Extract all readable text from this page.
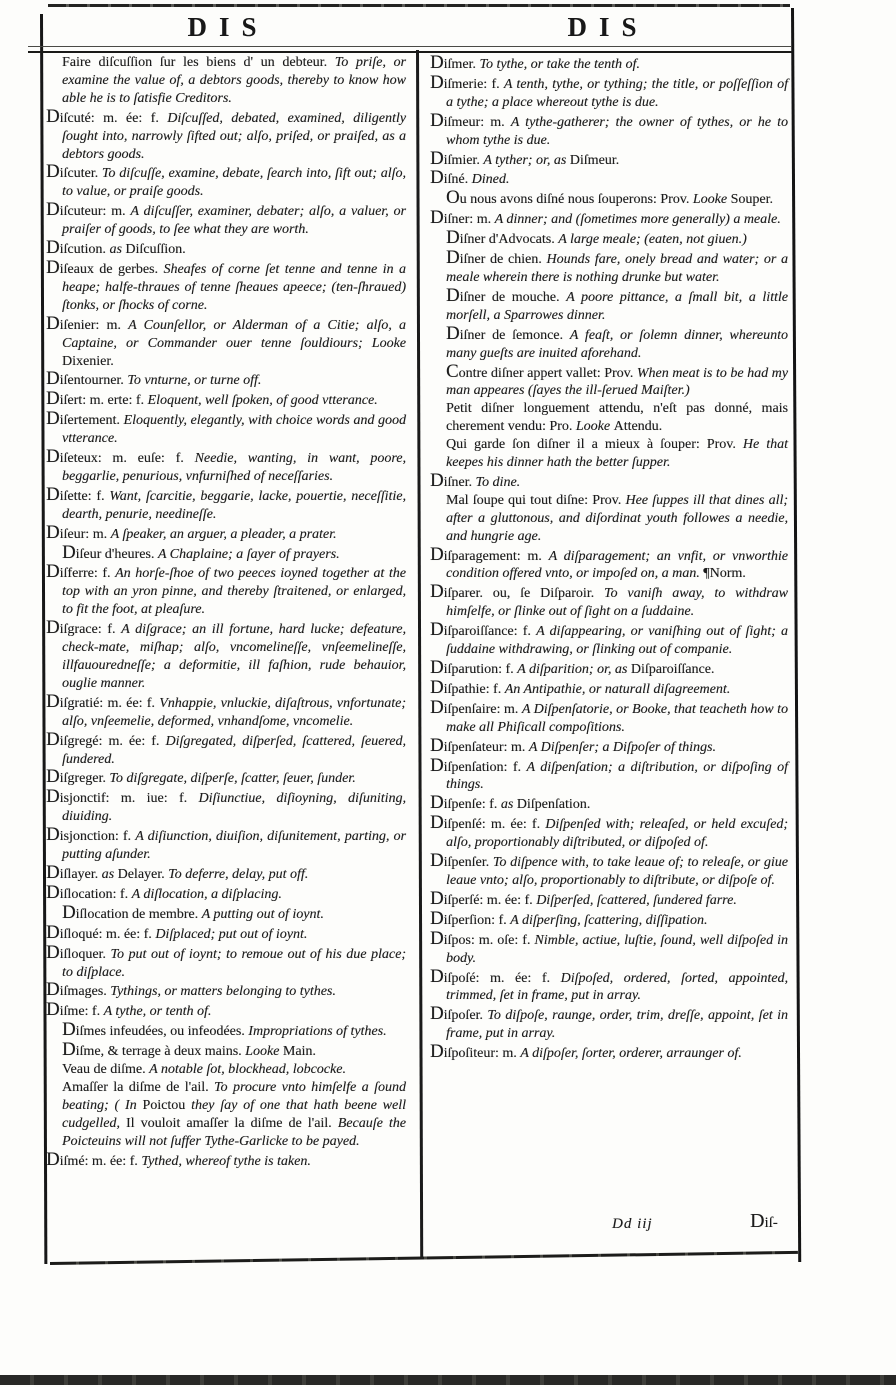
DIS	DIS

Faire diſcuſſion ſur les biens d' un debteur. To priſe, or examine the value of, a debtors goods, thereby to know how able he is to ſatisfie Creditors.

Diſcuté: m. ée: f. Diſcuſſed, debated, examined, diligently ſought into, narrowly ſifted out; alſo, priſed, or praiſed, as a debtors goods.

Diſcuter. To diſcuſſe, examine, debate, ſearch into, ſift out; alſo, to value, or praiſe goods.

Diſcuteur: m. A diſcuſſer, examiner, debater; alſo, a valuer, or praiſer of goods, to ſee what they are worth.

Diſcution. as Diſcuſſion.

Diſeaux de gerbes. Sheafes of corne ſet tenne and tenne in a heape; halfe-thraues of tenne ſheaues apeece; (ten-ſhraued) ſtonks, or ſhocks of corne.

Diſenier: m. A Counſellor, or Alderman of a Citie; alſo, a Captaine, or Commander ouer tenne ſouldiours; Looke Dixenier.

Diſentourner. To vnturne, or turne off.

Diſert: m. erte: f. Eloquent, well ſpoken, of good vtterance.

Diſertement. Eloquently, elegantly, with choice words and good vtterance.

Diſeteux: m. euſe: f. Needie, wanting, in want, poore, beggarlie, penurious, vnfurniſhed of neceſſaries.

Diſette: f. Want, ſcarcitie, beggarie, lacke, pouertie, neceſſitie, dearth, penurie, needineſſe.

Diſeur: m. A ſpeaker, an arguer, a pleader, a prater.

Diſeur d'heures. A Chaplaine; a ſayer of prayers.

Diſferre: f. An horſe-ſhoe of two peeces ioyned together at the top with an yron pinne, and thereby ſtraitened, or enlarged, to fit the foot, at pleaſure.

Diſgrace: f. A diſgrace; an ill fortune, hard lucke; defeature, check-mate, miſhap; alſo, vncomelineſſe, vnſeemelineſſe, illfauouredneſſe; a deformitie, ill faſhion, rude behauior, ouglie manner.

Diſgratié: m. ée: f. Vnhappie, vnluckie, diſaſtrous, vnfortunate; alſo, vnſeemelie, deformed, vnhandſome, vncomelie.

Diſgregé: m. ée: f. Diſgregated, diſperſed, ſcattered, ſeuered, ſundered.

Diſgreger. To diſgregate, diſperſe, ſcatter, ſeuer, ſunder.

Disjonctif: m. iue: f. Diſiunctiue, diſioyning, diſuniting, diuiding.

Disjonction: f. A diſiunction, diuiſion, diſunitement, parting, or putting aſunder.

Diſlayer. as Delayer. To deferre, delay, put off.

Diſlocation: f. A diſlocation, a diſplacing.

Diſlocation de membre. A putting out of ioynt.

Diſloqué: m. ée: f. Diſplaced; put out of ioynt.

Diſloquer. To put out of ioynt; to remoue out of his due place; to diſplace.

Diſmages. Tythings, or matters belonging to tythes.

Diſme: f. A tythe, or tenth of.

Diſmes infeudées, ou infeodées. Impropriations of tythes.

Diſme, & terrage à deux mains. Looke Main.

Veau de diſme. A notable ſot, blockhead, lobcocke.

Amaſſer la diſme de l'ail. To procure vnto himſelfe a ſound beating; ( In Poictou they ſay of one that hath beene well cudgelled, Il vouloit amaſſer la diſme de l'ail. Becauſe the Poicteuins will not ſuffer Tythe-Garlicke to be payed.

Diſmé: m. ée: f. Tythed, whereof tythe is taken.

Diſmer. To tythe, or take the tenth of.

Diſmerie: f. A tenth, tythe, or tything; the title, or poſſeſſion of a tythe; a place whereout tythe is due.

Diſmeur: m. A tythe-gatherer; the owner of tythes, or he to whom tythe is due.

Diſmier. A tyther; or, as Diſmeur.

Diſné. Dined.

Ou nous avons diſné nous ſouperons: Prov. Looke Souper.

Diſner: m. A dinner; and (ſometimes more generally) a meale.

Diſner d'Advocats. A large meale; (eaten, not giuen.)

Diſner de chien. Hounds fare, onely bread and water; or a meale wherein there is nothing drunke but water.

Diſner de mouche. A poore pittance, a ſmall bit, a little morſell, a Sparrowes dinner.

Diſner de ſemonce. A feaſt, or ſolemn dinner, whereunto many gueſts are inuited aforehand.

Contre diſner appert vallet: Prov. When meat is to be had my man appeares (ſayes the ill-ſerued Maiſter.)

Petit diſner longuement attendu, n'eſt pas donné, mais cherement vendu: Pro. Looke Attendu.

Qui garde ſon diſner il a mieux à ſouper: Prov. He that keepes his dinner hath the better ſupper.

Diſner. To dine.

Mal ſoupe qui tout diſne: Prov. Hee ſuppes ill that dines all; after a gluttonous, and diſordinat youth followes a needie, and hungrie age.

Diſparagement: m. A diſparagement; an vnfit, or vnworthie condition offered vnto, or impoſed on, a man. ¶Norm.

Diſparer. ou, ſe Diſparoir. To vaniſh away, to withdraw himſelfe, or ſlinke out of ſight on a ſuddaine.

Diſparoiſſance: f. A diſappearing, or vaniſhing out of ſight; a ſuddaine withdrawing, or ſlinking out of companie.

Diſparution: f. A diſparition; or, as Diſparoiſſance.

Diſpathie: f. An Antipathie, or naturall diſagreement.

Diſpenſaire: m. A Diſpenſatorie, or Booke, that teacheth how to make all Phiſicall compoſitions.

Diſpenſateur: m. A Diſpenſer; a Diſpoſer of things.

Diſpenſation: f. A diſpenſation; a diſtribution, or diſpoſing of things.

Diſpenſe: f. as Diſpenſation.

Diſpenſé: m. ée: f. Diſpenſed with; releaſed, or held excuſed; alſo, proportionably diſtributed, or diſpoſed of.

Diſpenſer. To diſpence with, to take leaue of; to releaſe, or giue leaue vnto; alſo, proportionably to diſtribute, or diſpoſe of.

Diſperſé: m. ée: f. Diſperſed, ſcattered, ſundered farre.

Diſperſion: f. A diſperſing, ſcattering, diſſipation.

Diſpos: m. oſe: f. Nimble, actiue, luſtie, ſound, well diſpoſed in body.

Diſpoſé: m. ée: f. Diſpoſed, ordered, ſorted, appointed, trimmed, ſet in frame, put in array.

Diſpoſer. To diſpoſe, raunge, order, trim, dreſſe, appoint, ſet in frame, put in array.

Diſpoſiteur: m. A diſpoſer, ſorter, orderer, arraunger of.

Dd iij	Diſ-
